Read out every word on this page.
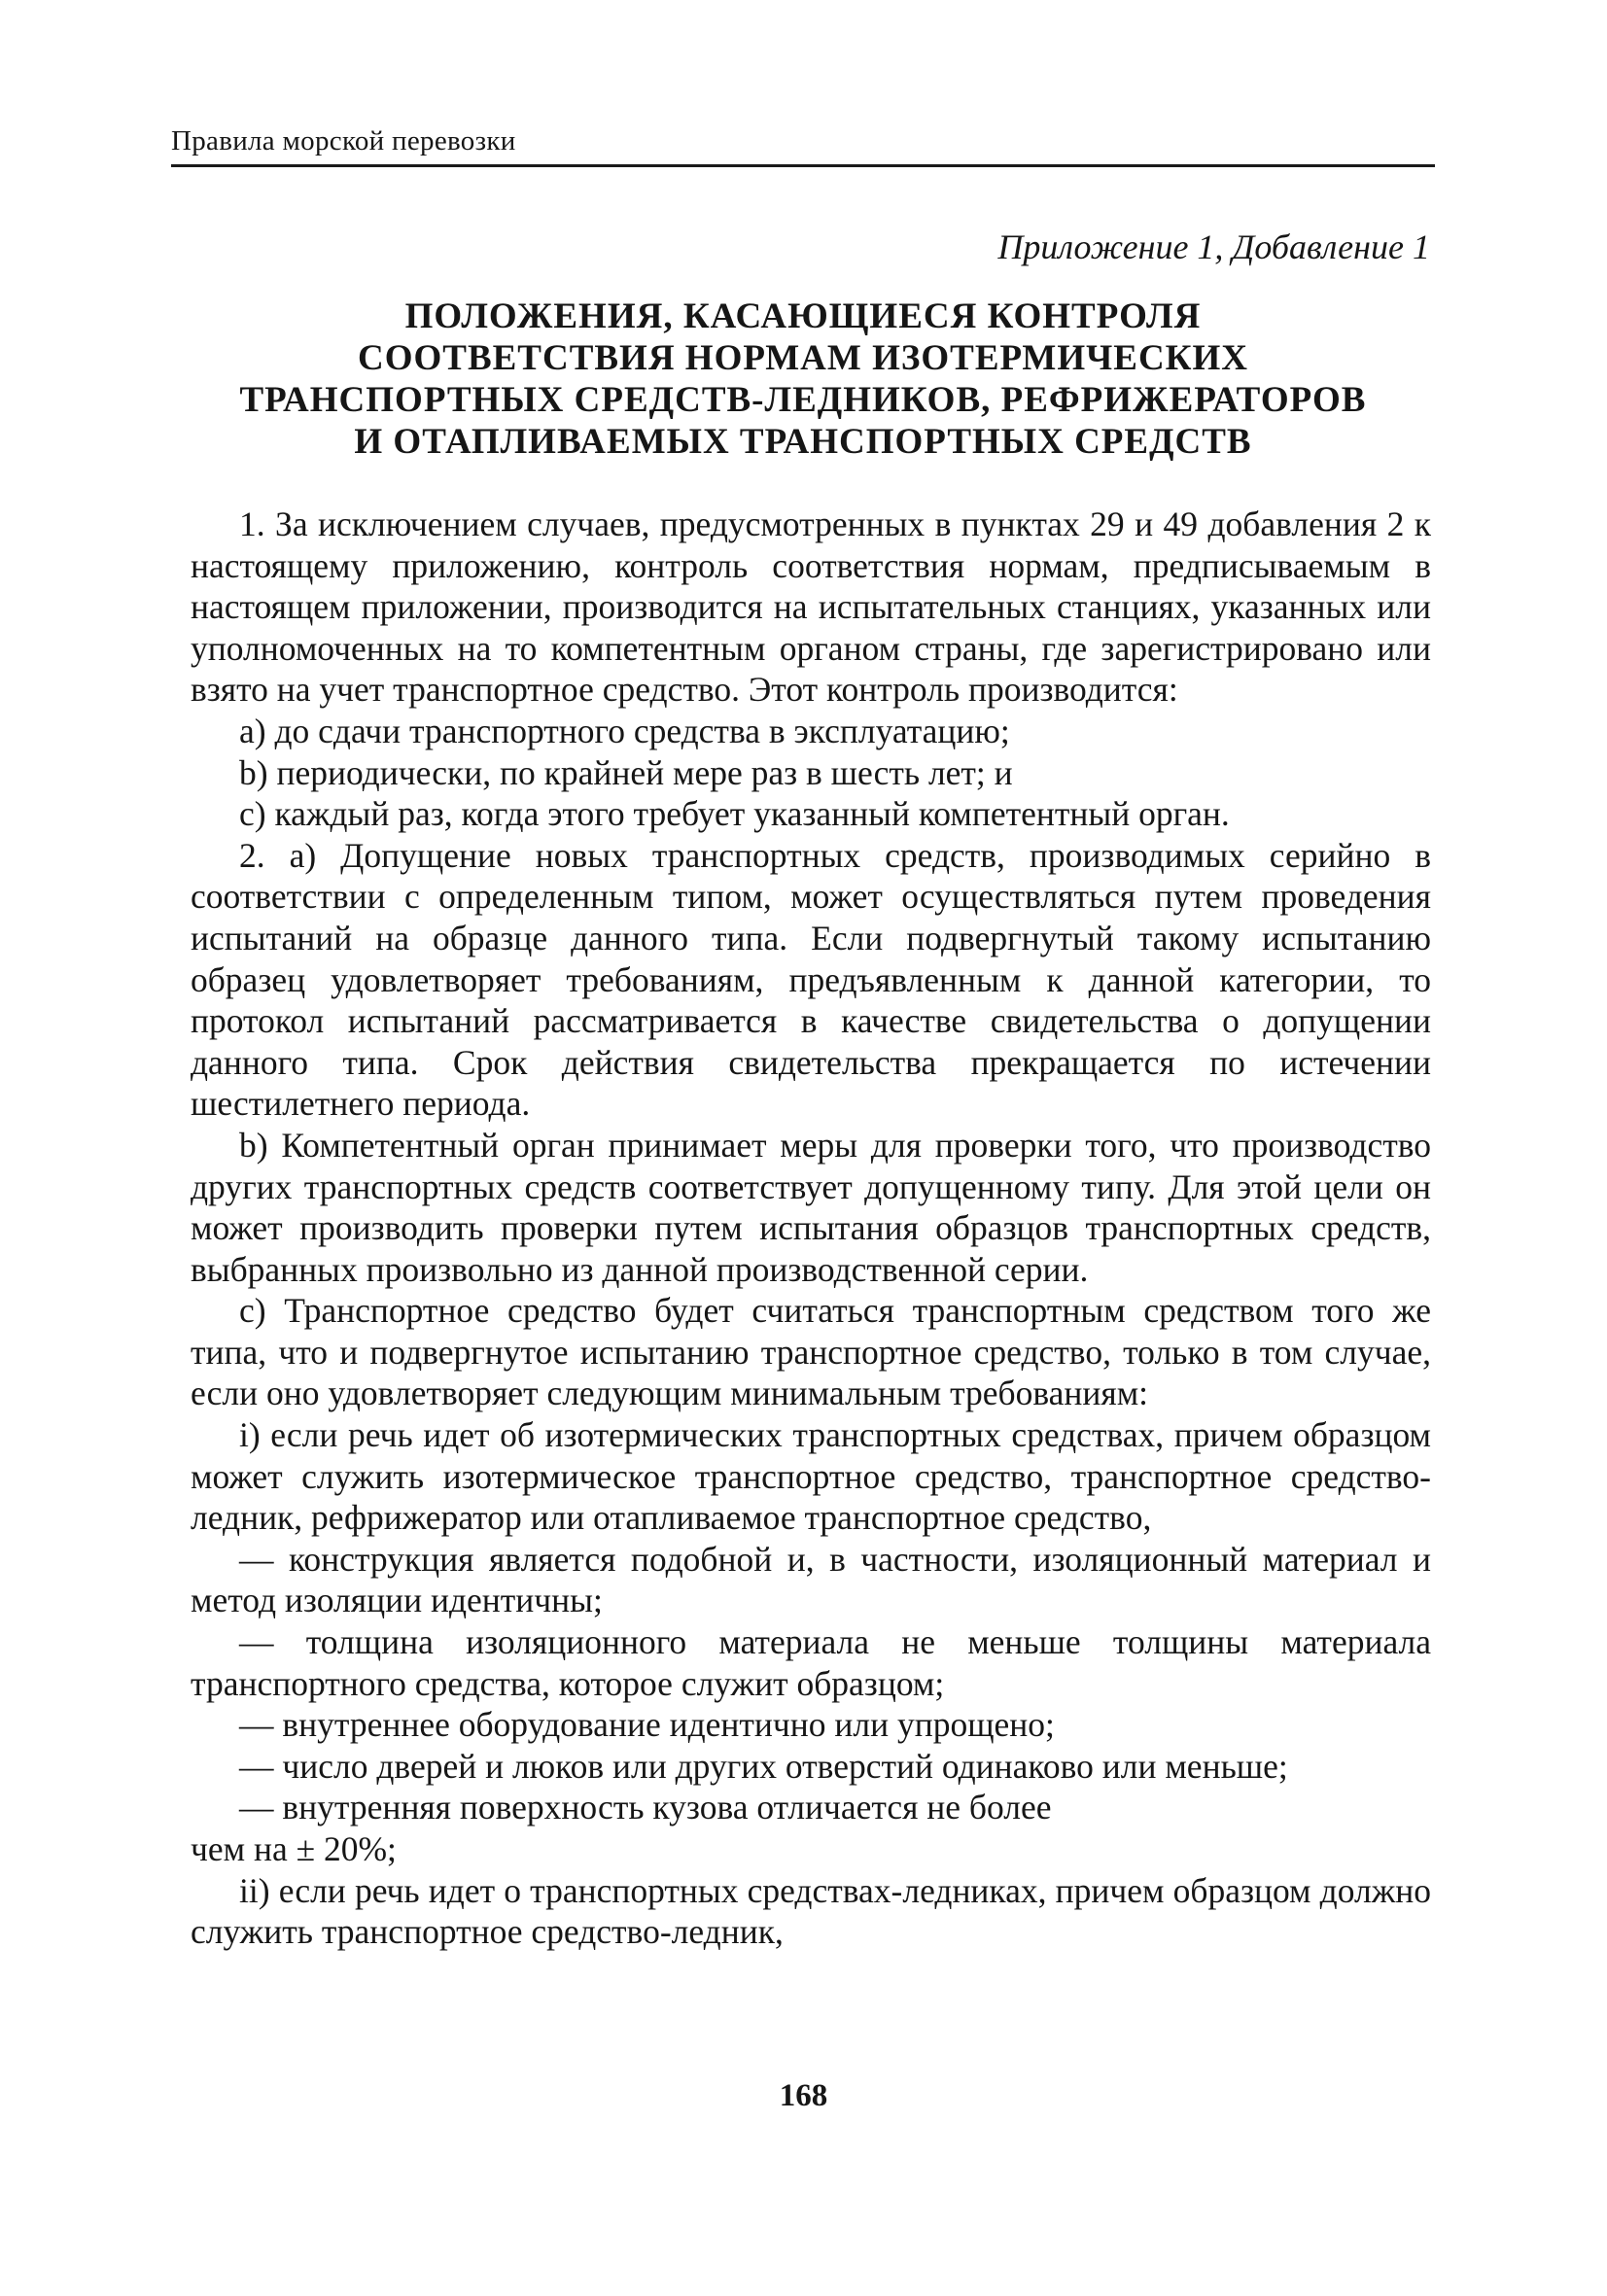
Правила морской перевозки
Приложение 1, Добавление 1
ПОЛОЖЕНИЯ, КАСАЮЩИЕСЯ КОНТРОЛЯ
СООТВЕТСТВИЯ НОРМАМ ИЗОТЕРМИЧЕСКИХ
ТРАНСПОРТНЫХ СРЕДСТВ-ЛЕДНИКОВ, РЕФРИЖЕРАТОРОВ
И ОТАПЛИВАЕМЫХ ТРАНСПОРТНЫХ СРЕДСТВ

1. За исключением случаев, предусмотренных в пунктах 29 и 49 добавления 2 к настоящему приложению, контроль соответствия нормам, предписываемым в настоящем приложении, производится на испытательных станциях, указанных или уполномоченных на то компетентным органом страны, где зарегистрировано или взято на учет транспортное средство. Этот контроль производится:

a) до сдачи транспортного средства в эксплуатацию;

b) периодически, по крайней мере раз в шесть лет; и

c) каждый раз, когда этого требует указанный компетентный орган.

2. a) Допущение новых транспортных средств, производимых серийно в соответствии с определенным типом, может осуществляться путем проведения испытаний на образце данного типа. Если подвергнутый такому испытанию образец удовлетворяет требованиям, предъявленным к данной категории, то протокол испытаний рассматривается в качестве свидетельства о допущении данного типа. Срок действия свидетельства прекращается по истечении шестилетнего периода.

b) Компетентный орган принимает меры для проверки того, что производство других транспортных средств соответствует допущенному типу. Для этой цели он может производить проверки путем испытания образцов транспортных средств, выбранных произвольно из данной производственной серии.

c) Транспортное средство будет считаться транспортным средством того же типа, что и подвергнутое испытанию транспортное средство, только в том случае, если оно удовлетворяет следующим минимальным требованиям:

i) если речь идет об изотермических транспортных средствах, причем образцом может служить изотермическое транспортное средство, транспортное средство-ледник, рефрижератор или отапливаемое транспортное средство,

— конструкция является подобной и, в частности, изоляционный материал и метод изоляции идентичны;

— толщина изоляционного материала не меньше толщины материала транспортного средства, которое служит образцом;

— внутреннее оборудование идентично или упрощено;

— число дверей и люков или других отверстий одинаково или меньше;

— внутренняя поверхность кузова отличается не более

чем на ± 20%;

ii) если речь идет о транспортных средствах-ледниках, причем образцом должно служить транспортное средство-ледник,

168
